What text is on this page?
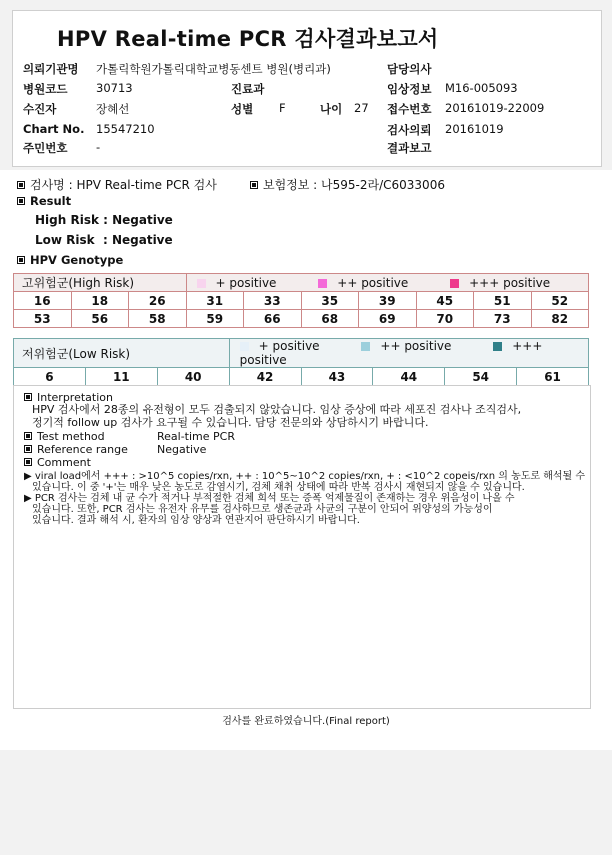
HPV Real-time PCR 검사결과보고서
의뢰기관명 가톨릭학원가톨릭대학교병동센트 병원(병리과)	담당의사
병원코드 30713	진료과	임상정보 M16-005093
수진자	장혜선	성별 F	나이 27 접수번호 20161019-22009
Chart No. 15547210	검사의뢰 20161019
주민번호 -	결과보고
검사명 : HPV Real-time PCR 검사	보험정보 : 나595-2라/C6033006
Result
High Risk : Negative
Low Risk  : Negative
HPV Genotype
고위험군(High Risk)			+ positive ++ positive +++ positive						
16	18	26	31	33	35	39	45	51	52
53	56	58	59	66	68	69	70	73	82
저위험군(Low Risk)			+ positive ++ positive +++ positive				
6	11	40	42	43	44	54	61
Interpretation
HPV 검사에서 28종의 유전형이 모두 검출되지 않았습니다. 임상 증상에 따라 세포진 검사나 조직검사,
정기적 follow up 검사가 요구될 수 있습니다. 담당 전문의와 상담하시기 바랍니다.
Test method	Real-time PCR
Reference range	Negative
Comment
▶ viral load에서 +++ : >10^5 copies/rxn, ++ : 10^5~10^2 copies/rxn, + : <10^2 copeis/rxn 의 농도로 해석될 수
있습니다. 이 중 '+'는 매우 낮은 농도로 감염시기, 검체 채취 상태에 따라 반복 검사시 재현되지 않을 수 있습니다.
▶ PCR 검사는 검체 내 균 수가 적거나 부적절한 검체 희석 또는 증폭 억제물질이 존재하는 경우 위음성이 나올 수
있습니다. 또한, PCR 검사는 유전자 유무를 검사하므로 생존균과 사균의 구분이 안되어 위양성의 가능성이
있습니다. 결과 해석 시, 환자의 임상 양상과 연관지어 판단하시기 바랍니다.
검사를 완료하였습니다.(Final report)
